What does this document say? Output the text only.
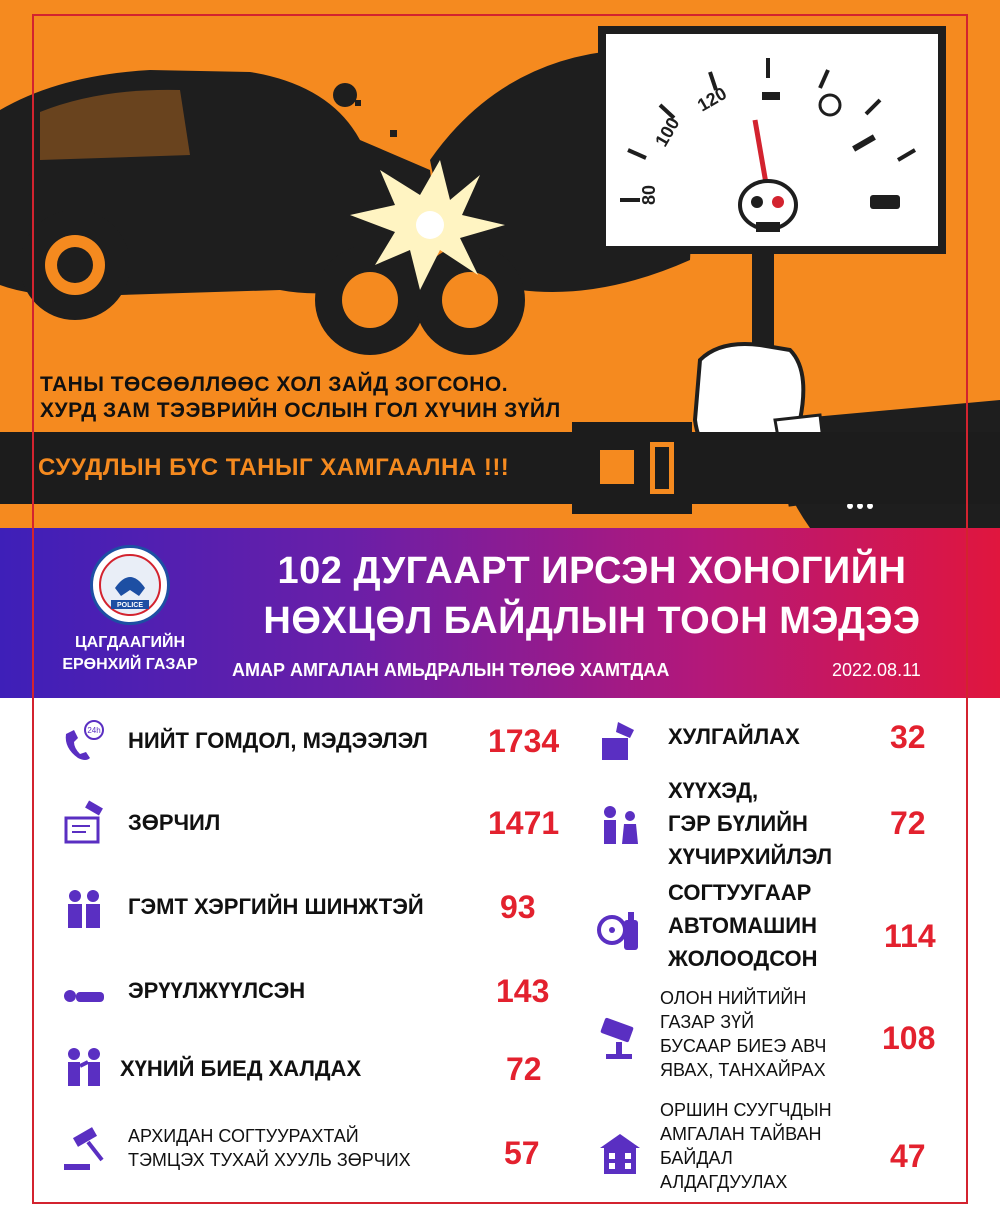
80
100
120
ТАНЫ ТӨСӨӨЛЛӨӨС ХОЛ ЗАЙД ЗОГСОНО.
ХУРД ЗАМ ТЭЭВРИЙН ОСЛЫН ГОЛ ХҮЧИН ЗҮЙЛ
СУУДЛЫН БҮС ТАНЫГ ХАМГААЛНА !!!
POLICE
ЦАГДААГИЙН
ЕРӨНХИЙ ГАЗАР
102 ДУГААРТ ИРСЭН ХОНОГИЙН
НӨХЦӨЛ БАЙДЛЫН ТООН МЭДЭЭ
АМАР АМГАЛАН АМЬДРАЛЫН ТӨЛӨӨ ХАМТДАА	2022.08.11
24h НИЙТ ГОМДОЛ, МЭДЭЭЛЭЛ 1734
ЗӨРЧИЛ	1471
ГЭМТ ХЭРГИЙН ШИНЖТЭЙ 93
ЭРҮҮЛЖҮҮЛСЭН	143
ХҮНИЙ БИЕД ХАЛДАХ	72
АРХИДАН СОГТУУРАХТАЙ
ТЭМЦЭХ ТУХАЙ ХУУЛЬ ЗӨРЧИХ	57
ХУЛГАЙЛАХ	32
ХҮҮХЭД,
ГЭР БҮЛИЙН
ХҮЧИРХИЙЛЭЛ
72
СОГТУУГААР
АВТОМАШИН
ЖОЛООДСОН
114
ОЛОН НИЙТИЙН
ГАЗАР ЗҮЙ
БУСААР БИЕЭ АВЧ
ЯВАХ, ТАНХАЙРАХ
108
ОРШИН СУУГЧДЫН
АМГАЛАН ТАЙВАН
БАЙДАЛ
АЛДАГДУУЛАХ
47
